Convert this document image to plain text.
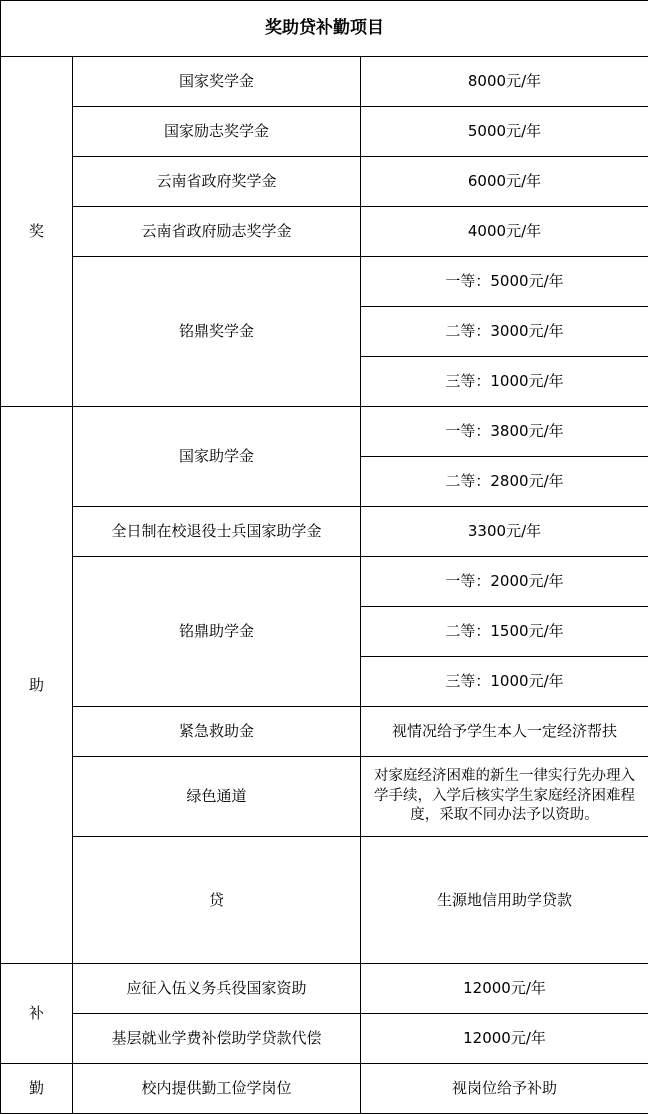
奖助贷补勤项目			
奖	国家奖学金	8000元/年	
	国家励志奖学金	5000元/年	
	云南省政府奖学金	6000元/年	
	云南省政府励志奖学金	4000元/年	
	铭鼎奖学金	一等：5000元/年	
		二等：3000元/年	
		三等：1000元/年	
助	国家助学金	一等：3800元/年	
		二等：2800元/年	
	全日制在校退役士兵国家助学金	3300元/年	
	铭鼎助学金	一等：2000元/年	
		二等：1500元/年	
		三等：1000元/年	
	紧急救助金	视情况给予学生本人一定经济帮扶	
	绿色通道	对家庭经济困难的新生一律实行先办理入学手续，入学后核实学生家庭经济困难程度，采取不同办法予以资助。	
	贷	生源地信用助学贷款	
补	应征入伍义务兵役国家资助	12000元/年	
	基层就业学费补偿助学贷款代偿	12000元/年	
勤	校内提供勤工俭学岗位	视岗位给予补助	
